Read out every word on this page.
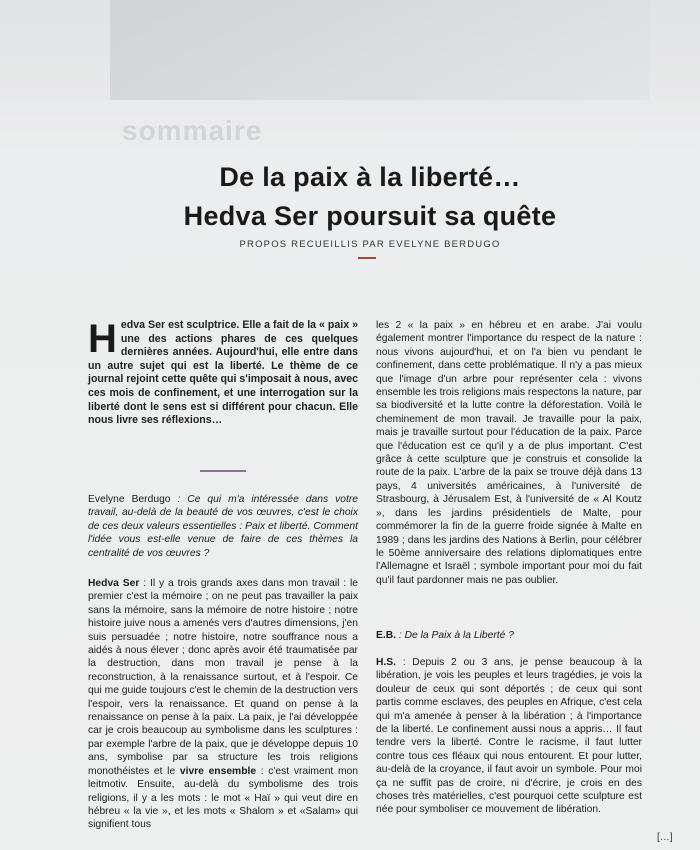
sommaire
De la paix à la liberté…
Hedva Ser poursuit sa quête
PROPOS RECUEILLIS PAR EVELYNE BERDUGO
H edva Ser est sculptrice. Elle a fait de la « paix » une des actions phares de ces quelques dernières années. Aujourd'hui, elle entre dans un autre sujet qui est la liberté. Le thème de ce journal rejoint cette quête qui s'imposait à nous, avec ces mois de confinement, et une interrogation sur la liberté dont le sens est si différent pour chacun. Elle nous livre ses réflexions…

Evelyne Berdugo : Ce qui m'a intéressée dans votre travail, au-delà de la beauté de vos œuvres, c'est le choix de ces deux valeurs essentielles : Paix et liberté. Comment l'idée vous est-elle venue de faire de ces thèmes la centralité de vos œuvres ?

Hedva Ser : Il y a trois grands axes dans mon travail : le premier c'est la mémoire ; on ne peut pas travailler la paix sans la mémoire, sans la mémoire de notre histoire ; notre histoire juive nous a amenés vers d'autres dimensions, j'en suis persuadée ; notre histoire, notre souffrance nous a aidés à nous élever ; donc après avoir été traumatisée par la destruction, dans mon travail je pense à la reconstruction, à la renaissance surtout, et à l'espoir. Ce qui me guide toujours c'est le chemin de la destruction vers l'espoir, vers la renaissance. Et quand on pense à la renaissance on pense à la paix. La paix, je l'ai développée car je crois beaucoup au symbolisme dans les sculptures : par exemple l'arbre de la paix, que je développe depuis 10 ans, symbolise par sa structure les trois religions monothéistes et le vivre ensemble : c'est vraiment mon leitmotiv. Ensuite, au-delà du symbolisme des trois religions, il y a les mots : le mot « Haï » qui veut dire en hébreu « la vie », et les mots « Shalom » et «Salam» qui signifient tous

les 2 « la paix » en hébreu et en arabe. J'ai voulu également montrer l'importance du respect de la nature : nous vivons aujourd'hui, et on l'a bien vu pendant le confinement, dans cette problématique. Il n'y a pas mieux que l'image d'un arbre pour représenter cela : vivons ensemble les trois religions mais respectons la nature, par sa biodiversité et la lutte contre la déforestation. Voilà le cheminement de mon travail. Je travaille pour la paix, mais je travaille surtout pour l'éducation de la paix. Parce que l'éducation est ce qu'il y a de plus important. C'est grâce à cette sculpture que je construis et consolide la route de la paix. L'arbre de la paix se trouve déjà dans 13 pays, 4 universités américaines, à l'université de Strasbourg, à Jérusalem Est, à l'université de « Al Koutz », dans les jardins présidentiels de Malte, pour commémorer la fin de la guerre froide signée à Malte en 1989 ; dans les jardins des Nations à Berlin, pour célébrer le 50ème anniversaire des relations diplomatiques entre l'Allemagne et Israël ; symbole important pour moi du fait qu'il faut pardonner mais ne pas oublier.

E.B. : De la Paix à la Liberté ?

H.S. : Depuis 2 ou 3 ans, je pense beaucoup à la libération, je vois les peuples et leurs tragédies, je vois la douleur de ceux qui sont déportés ; de ceux qui sont partis comme esclaves, des peuples en Afrique, c'est cela qui m'a amenée à penser à la libération ; à l'importance de la liberté. Le confinement aussi nous a appris… Il faut tendre vers la liberté. Contre le racisme, il faut lutter contre tous ces fléaux qui nous entourent. Et pour lutter, au-delà de la croyance, il faut avoir un symbole. Pour moi ça ne suffit pas de croire, ni d'écrire, je crois en des choses très matérielles, c'est pourquoi cette sculpture est née pour symboliser ce mouvement de libération.

[…]
